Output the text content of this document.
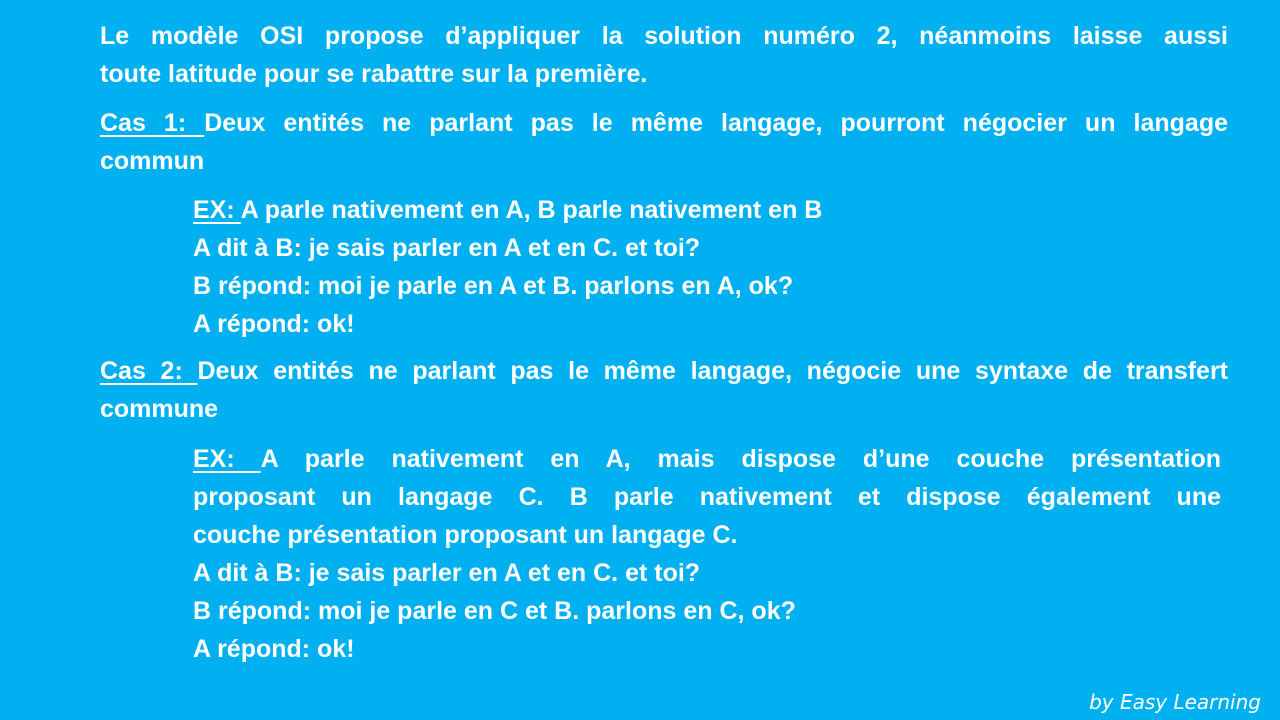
Le modèle OSI propose d’appliquer la solution numéro 2, néanmoins laisse aussi
toute latitude pour se rabattre sur la première.
Cas 1: Deux entités ne parlant pas le même langage, pourront négocier un langage
commun
EX: A parle nativement en A, B parle nativement en B
A dit à B: je sais parler en A et en C. et toi?
B répond: moi je parle en A et B. parlons en A, ok?
A répond: ok!
Cas 2: Deux entités ne parlant pas le même langage, négocie une syntaxe de transfert
commune
EX: A parle nativement en A, mais dispose d’une couche présentation
proposant un langage C. B parle nativement et dispose également une
couche présentation proposant un langage C.
A dit à B: je sais parler en A et en C. et toi?
B répond: moi je parle en C et B. parlons en C, ok?
A répond: ok!
by Easy Learning
